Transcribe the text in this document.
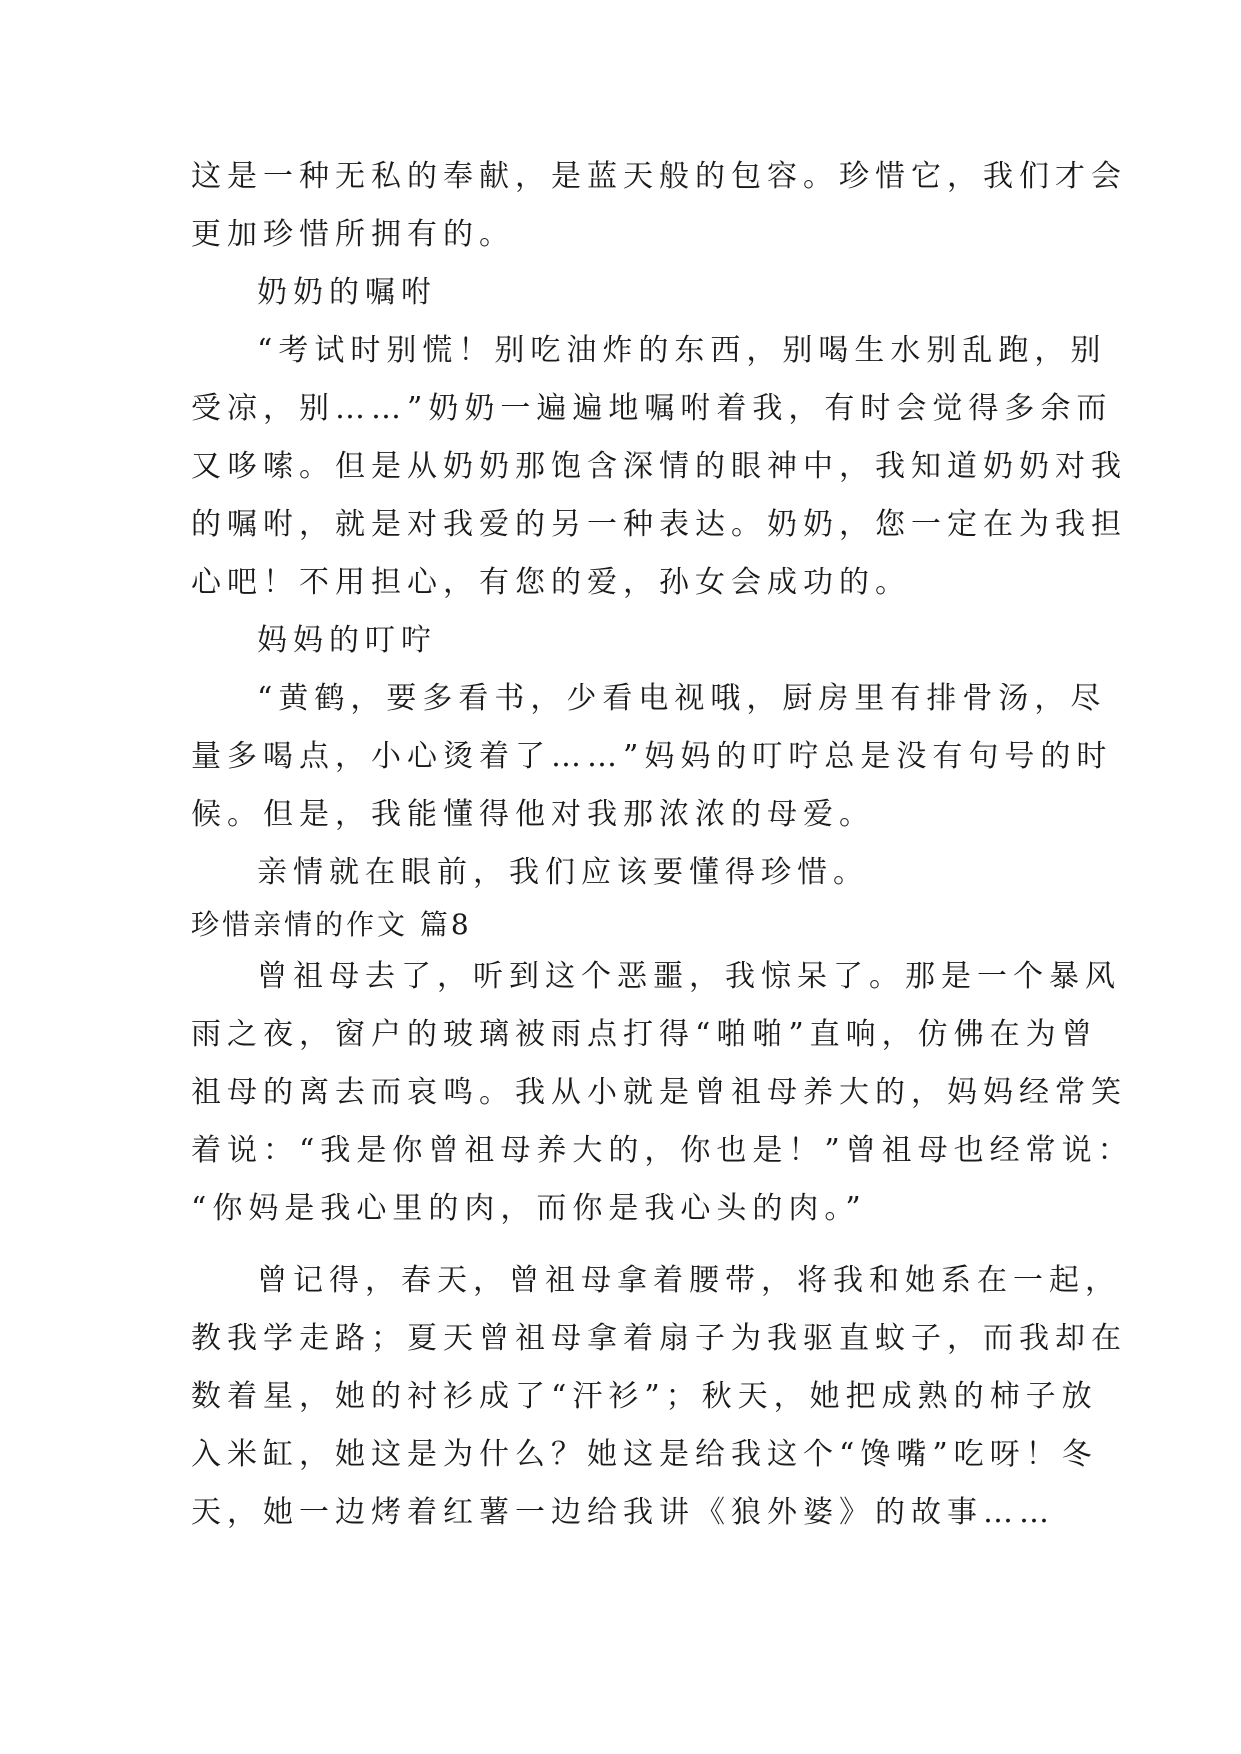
这是一种无私的奉献，是蓝天般的包容。珍惜它，我们才会
更加珍惜所拥有的。
奶奶的嘱咐
“考试时别慌！别吃油炸的东西，别喝生水别乱跑，别
受凉，别……”奶奶一遍遍地嘱咐着我，有时会觉得多余而
又哆嗦。但是从奶奶那饱含深情的眼神中，我知道奶奶对我
的嘱咐，就是对我爱的另一种表达。奶奶，您一定在为我担
心吧！不用担心，有您的爱，孙女会成功的。
妈妈的叮咛
“黄鹤，要多看书，少看电视哦，厨房里有排骨汤，尽
量多喝点，小心烫着了……”妈妈的叮咛总是没有句号的时
候。但是，我能懂得他对我那浓浓的母爱。
亲情就在眼前，我们应该要懂得珍惜。
珍惜亲情的作文 篇8
曾祖母去了，听到这个恶噩，我惊呆了。那是一个暴风
雨之夜，窗户的玻璃被雨点打得“啪啪”直响，仿佛在为曾
祖母的离去而哀鸣。我从小就是曾祖母养大的，妈妈经常笑
着说：“我是你曾祖母养大的，你也是！”曾祖母也经常说：
“你妈是我心里的肉，而你是我心头的肉。”
曾记得，春天，曾祖母拿着腰带，将我和她系在一起，
教我学走路；夏天曾祖母拿着扇子为我驱直蚊子，而我却在
数着星，她的衬衫成了“汗衫”；秋天，她把成熟的柿子放
入米缸，她这是为什么？她这是给我这个“馋嘴”吃呀！冬
天，她一边烤着红薯一边给我讲《狼外婆》的故事……
